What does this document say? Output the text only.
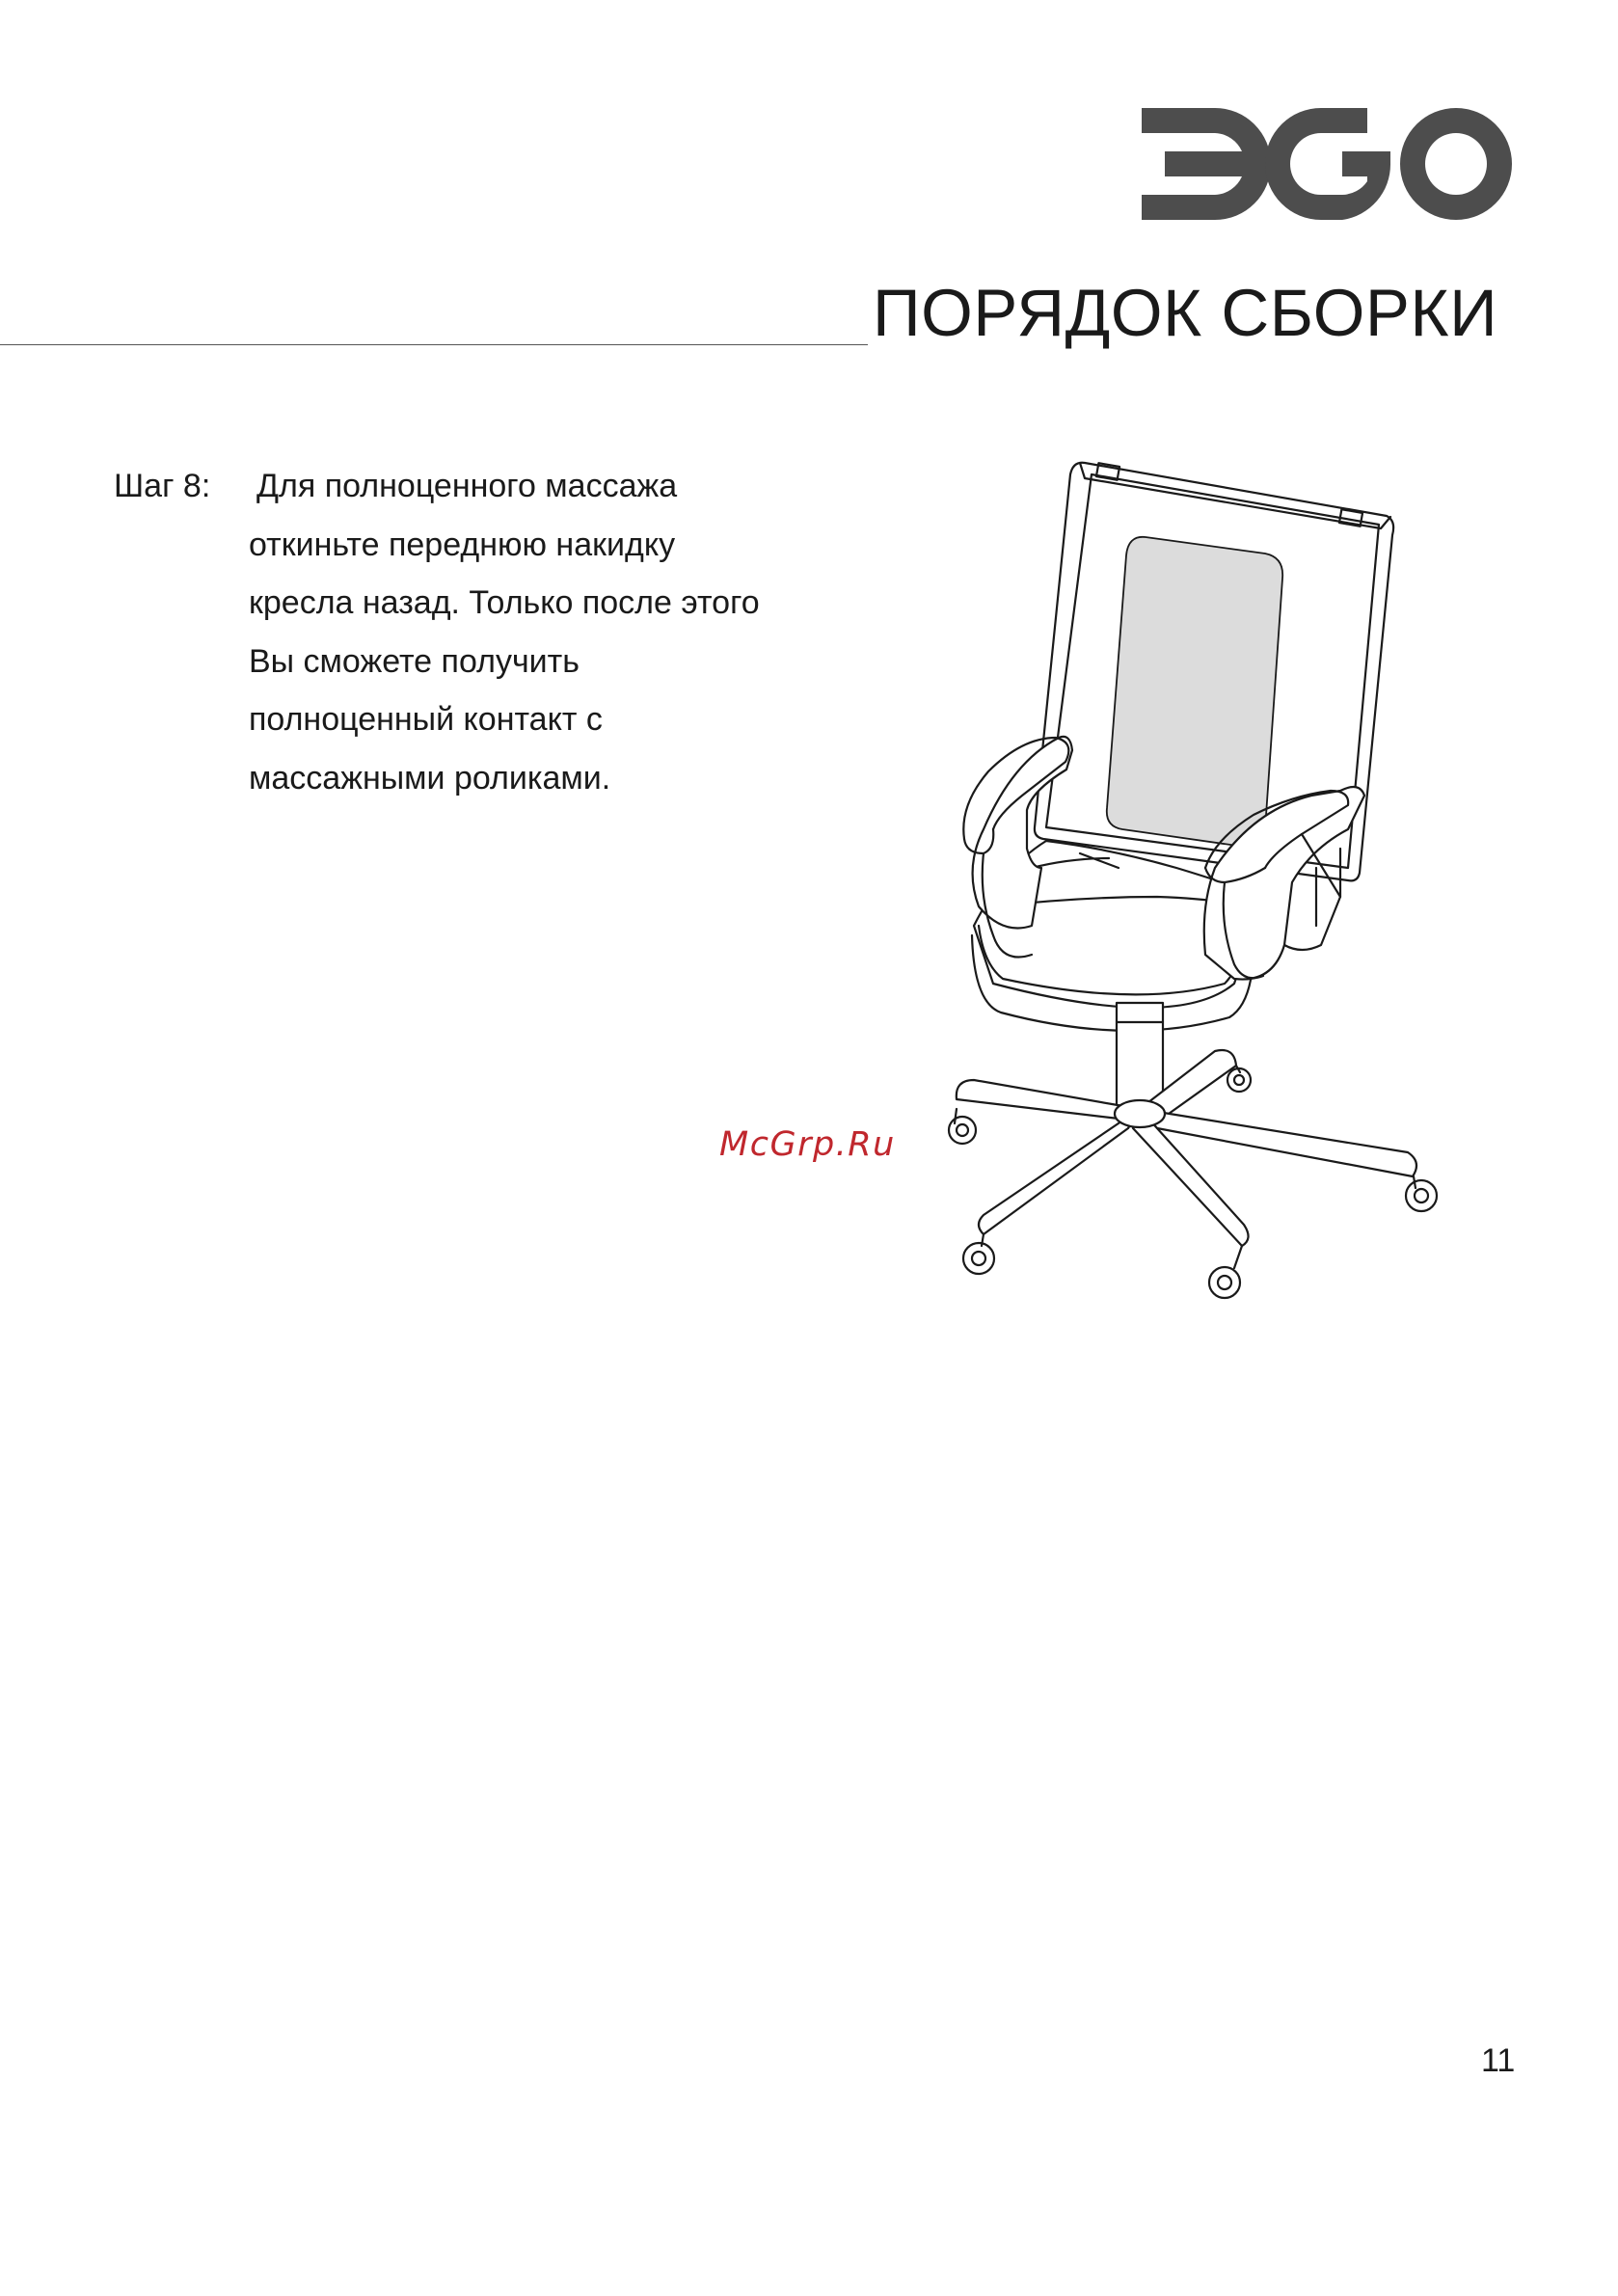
ПОРЯДОК СБОРКИ
Шаг 8: Для полноценного массажа
откиньте переднюю накидку
кресла назад. Только после этого
Вы сможете получить
полноценный контакт с
массажными роликами.
McGrp.Ru
11
